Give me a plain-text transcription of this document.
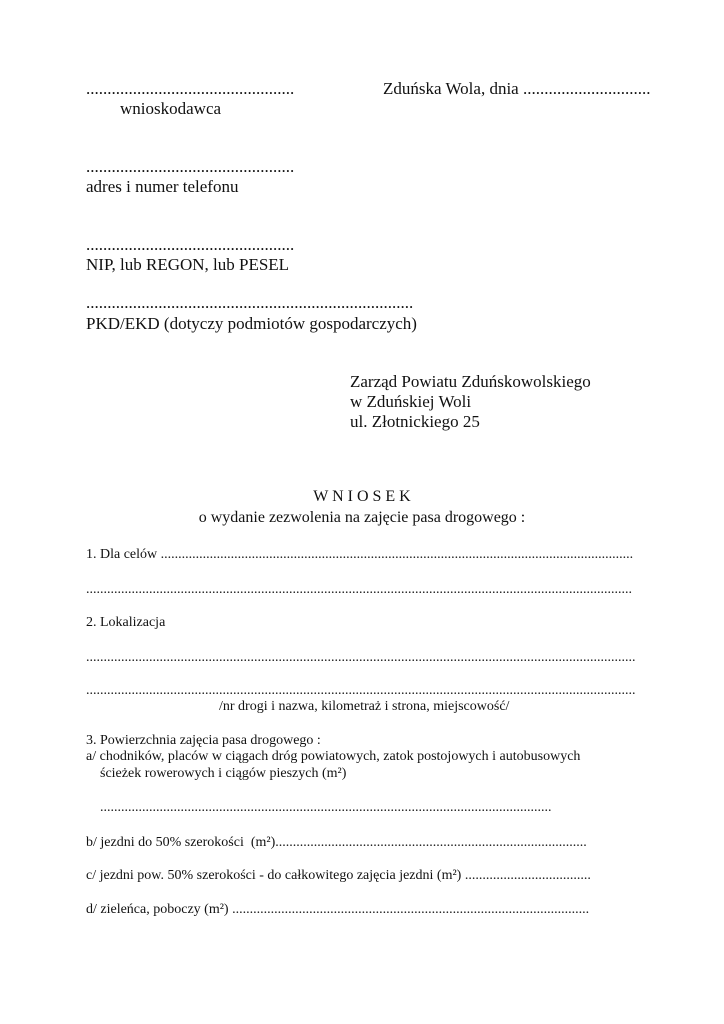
.................................................	Zduńska Wola, dnia ..............................
wnioskodawca
.................................................
adres i numer telefonu
.................................................
NIP, lub REGON, lub PESEL
.............................................................................
PKD/EKD (dotyczy podmiotów gospodarczych)
Zarząd Powiatu Zduńskowolskiego
w Zduńskiej Woli
ul. Złotnickiego 25
W N I O S E K
o wydanie zezwolenia na zajęcie pasa drogowego :
1. Dla celów .......................................................................................................................................
............................................................................................................................................................
2. Lokalizacja
.............................................................................................................................................................
.............................................................................................................................................................
/nr drogi i nazwa, kilometraż i strona, miejscowość/
3. Powierzchnia zajęcia pasa drogowego :
a/ chodników, placów w ciągach dróg powiatowych, zatok postojowych i autobusowych
ścieżek rowerowych i ciągów pieszych (m²)
.................................................................................................................................
b/ jezdni do 50% szerokości  (m²).........................................................................................
c/ jezdni pow. 50% szerokości - do całkowitego zajęcia jezdni (m²) ....................................
d/ zieleńca, poboczy (m²) ......................................................................................................
